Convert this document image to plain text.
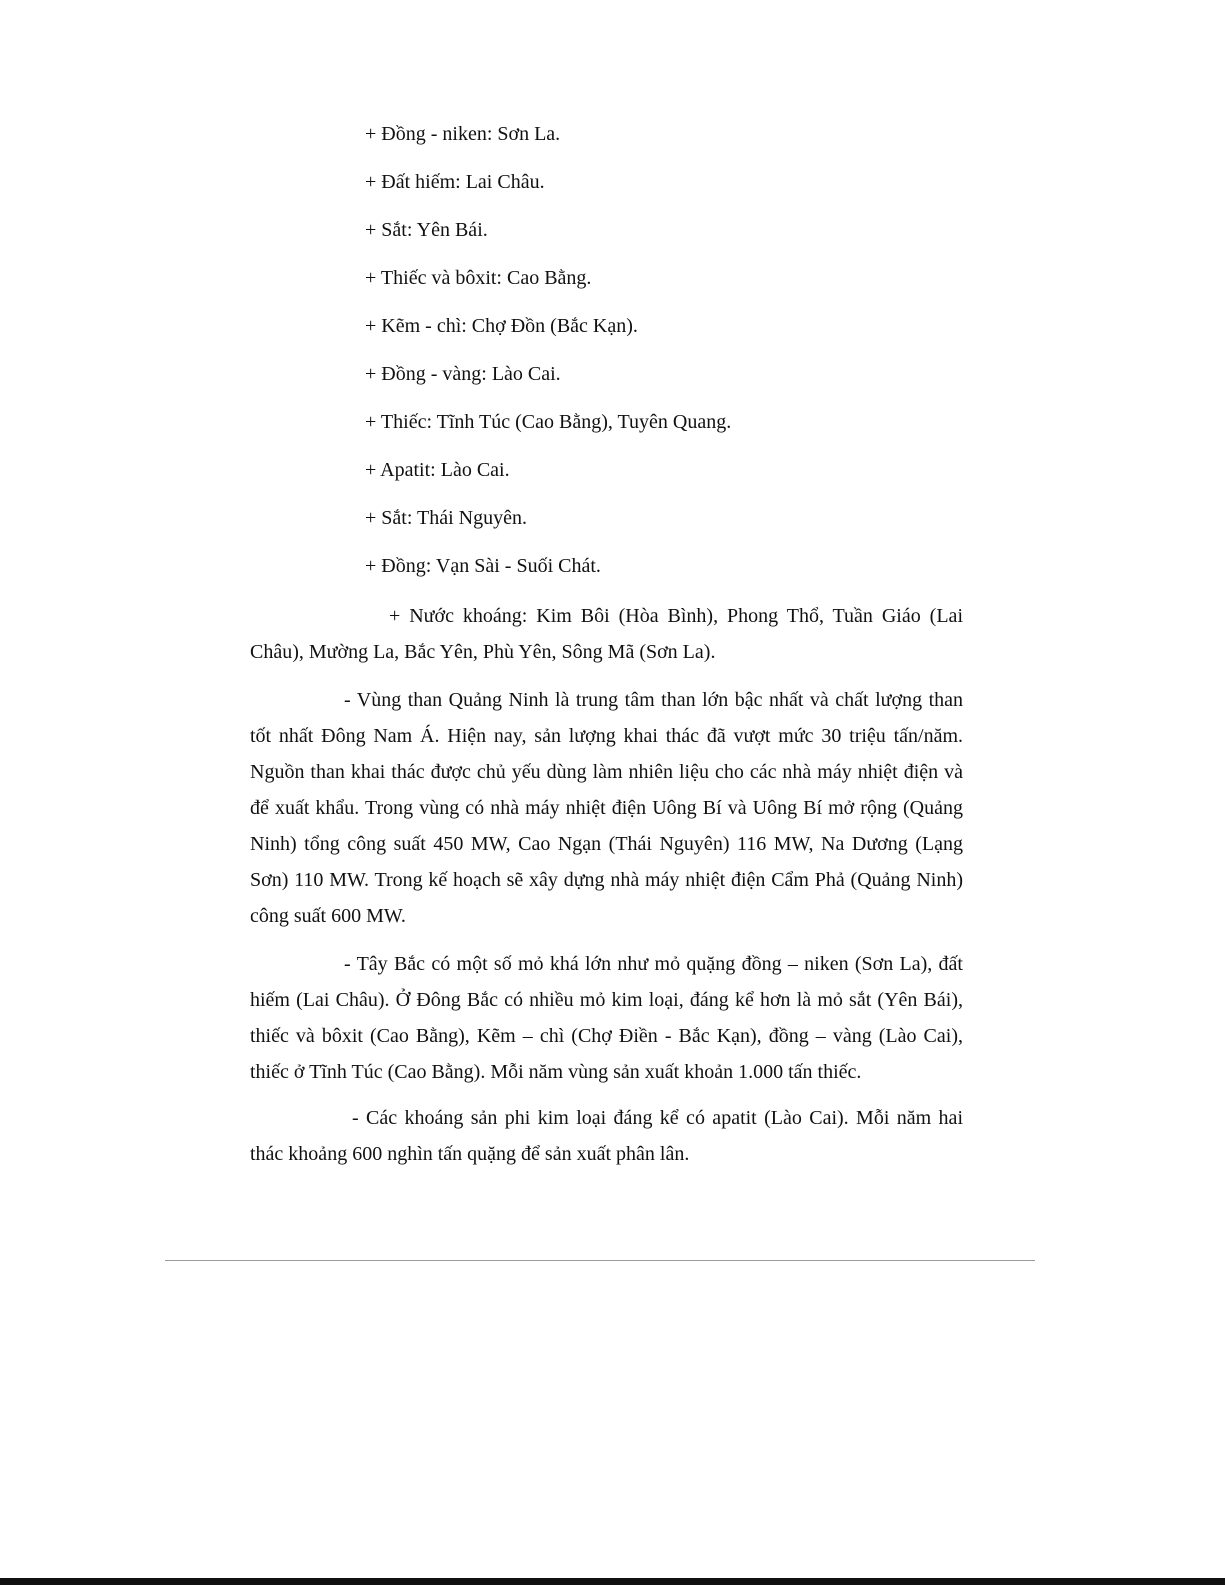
+ Đồng - niken: Sơn La.
+ Đất hiếm: Lai Châu.
+ Sắt: Yên Bái.
+ Thiếc và bôxit: Cao Bằng.
+ Kẽm - chì: Chợ Đồn (Bắc Kạn).
+ Đồng - vàng: Lào Cai.
+ Thiếc: Tĩnh Túc (Cao Bằng), Tuyên Quang.
+ Apatit: Lào Cai.
+ Sắt: Thái Nguyên.
+ Đồng: Vạn Sài - Suối Chát.

+ Nước khoáng: Kim Bôi (Hòa Bình), Phong Thổ, Tuần Giáo (Lai Châu), Mường La, Bắc Yên, Phù Yên, Sông Mã (Sơn La).

- Vùng than Quảng Ninh là trung tâm than lớn bậc nhất và chất lượng than tốt nhất Đông Nam Á. Hiện nay, sản lượng khai thác đã vượt mức 30 triệu tấn/năm. Nguồn than khai thác được chủ yếu dùng làm nhiên liệu cho các nhà máy nhiệt điện và để xuất khẩu. Trong vùng có nhà máy nhiệt điện Uông Bí và Uông Bí mở rộng (Quảng Ninh) tổng công suất 450 MW, Cao Ngạn (Thái Nguyên) 116 MW, Na Dương (Lạng Sơn) 110 MW. Trong kế hoạch sẽ xây dựng nhà máy nhiệt điện Cẩm Phả (Quảng Ninh) công suất 600 MW.

- Tây Bắc có một số mỏ khá lớn như mỏ quặng đồng – niken (Sơn La), đất hiếm (Lai Châu). Ở Đông Bắc có nhiều mỏ kim loại, đáng kể hơn là mỏ sắt (Yên Bái), thiếc và bôxit (Cao Bằng), Kẽm – chì (Chợ Điền - Bắc Kạn), đồng – vàng (Lào Cai), thiếc ở Tĩnh Túc (Cao Bằng). Mỗi năm vùng sản xuất khoản 1.000 tấn thiếc.

- Các khoáng sản phi kim loại đáng kể có apatit (Lào Cai). Mỗi năm hai thác khoảng 600 nghìn tấn quặng để sản xuất phân lân.
